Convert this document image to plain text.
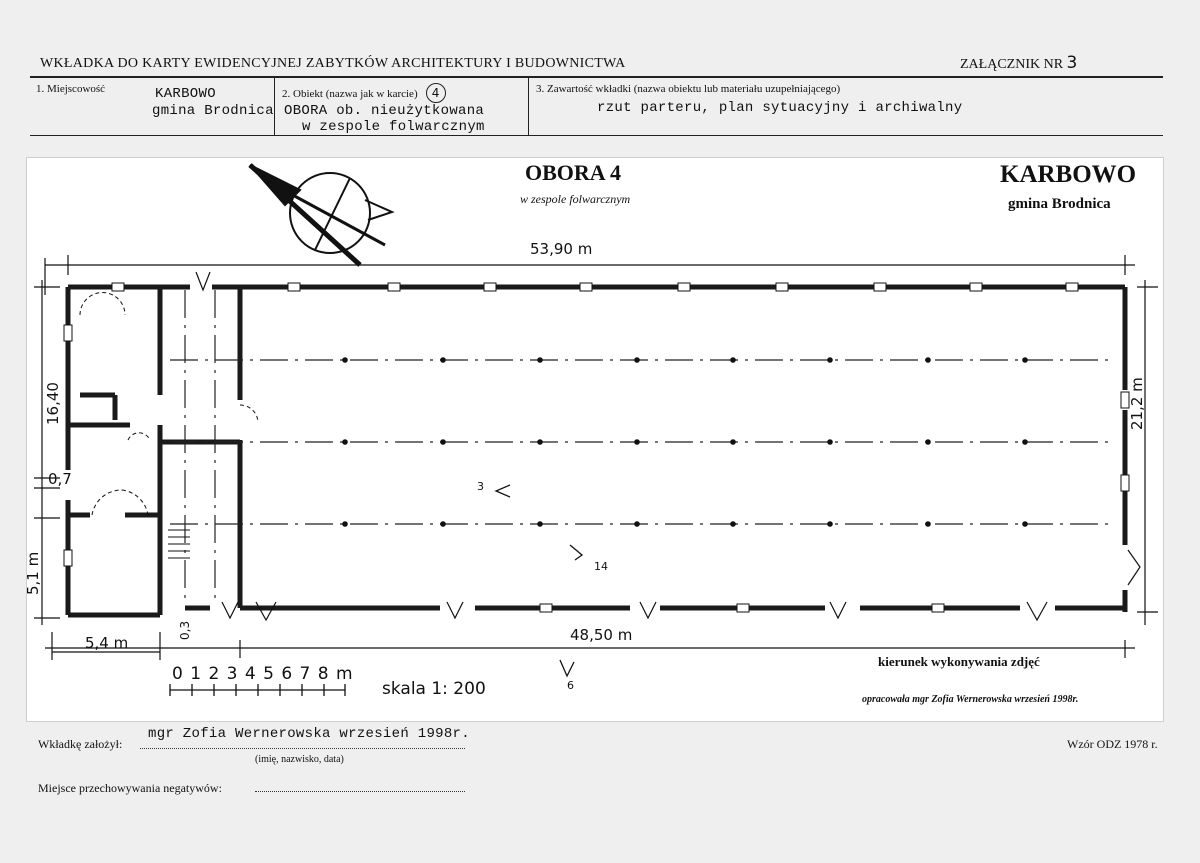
WKŁADKA DO KARTY EWIDENCYJNEJ ZABYTKÓW ARCHITEKTURY I BUDOWNICTWA	ZAŁĄCZNIK NR 3
1. Miejscowość	KARBOWO
gmina Brodnica
2. Obiekt (nazwa jak w karcie) 4
OBORA ob. nieużytkowana
w zespole folwarcznym
3. Zawartość wkładki (nazwa obiektu lub materiału uzupełniającego)
rzut parteru, plan sytuacyjny i archiwalny
OBORA 4
w zespole folwarcznym
KARBOWO
gmina Brodnica
53,90 m
48,50 m
5,4 m
21,2 m
16,40
0,7
5,1 m
0,3
3
14
6
0 1 2 3 4 5 6 7 8 m
skala 1: 200
kierunek wykonywania zdjęć
opracowała mgr Zofia Wernerowska wrzesień 1998r.
Wkładkę założył:
mgr Zofia Wernerowska wrzesień 1998r.
(imię, nazwisko, data)
Miejsce przechowywania negatywów:
Wzór ODZ 1978 r.
